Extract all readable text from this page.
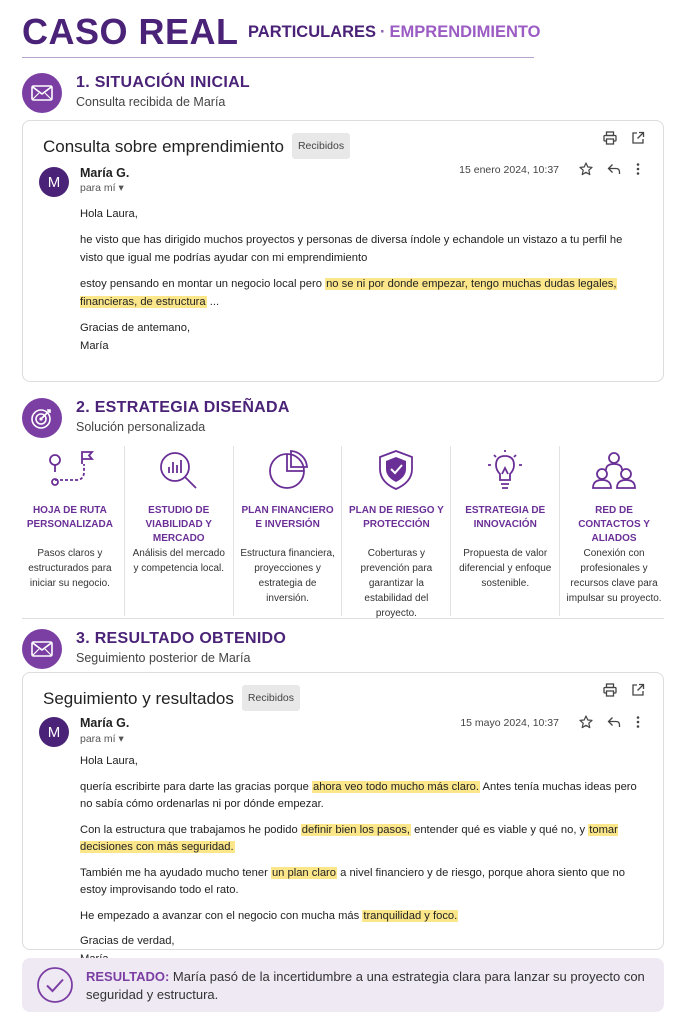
CASO REAL PARTICULARES · EMPRENDIMIENTO
1. SITUACIÓN INICIAL
Consulta recibida de María
Consulta sobre emprendimiento Recibidos
M
María G.
para mí ▾
15 enero 2024, 10:37

Hola Laura,

he visto que has dirigido muchos proyectos y personas de diversa índole y echandole un vistazo a tu perfil he visto que igual me podrías ayudar con mi emprendimiento

estoy pensando en montar un negocio local pero no se ni por donde empezar, tengo muchas dudas legales, financieras, de estructura ...

Gracias de antemano,

María

2. ESTRATEGIA DISEÑADA
Solución personalizada
HOJA DE RUTA PERSONALIZADA
Pasos claros y estructurados para iniciar su negocio.
ESTUDIO DE VIABILIDAD Y MERCADO
Análisis del mercado y competencia local.
PLAN FINANCIERO E INVERSIÓN
Estructura financiera, proyecciones y estrategia de inversión.
PLAN DE RIESGO Y PROTECCIÓN
Coberturas y prevención para garantizar la estabilidad del proyecto.
ESTRATEGIA DE INNOVACIÓN
Propuesta de valor diferencial y enfoque sostenible.
RED DE CONTACTOS Y ALIADOS
Conexión con profesionales y recursos clave para impulsar su proyecto.
3. RESULTADO OBTENIDO
Seguimiento posterior de María
Seguimiento y resultados Recibidos
M
María G.
para mí ▾
15 mayo 2024, 10:37

Hola Laura,

quería escribirte para darte las gracias porque ahora veo todo mucho más claro. Antes tenía muchas ideas pero no sabía cómo ordenarlas ni por dónde empezar.

Con la estructura que trabajamos he podido definir bien los pasos, entender qué es viable y qué no, y tomar decisiones con más seguridad.

También me ha ayudado mucho tener un plan claro a nivel financiero y de riesgo, porque ahora siento que no estoy improvisando todo el rato.

He empezado a avanzar con el negocio con mucha más tranquilidad y foco.

Gracias de verdad,

RESULTADO: María pasó de la incertidumbre a una estrategia clara para lanzar su proyecto con seguridad y estructura.
